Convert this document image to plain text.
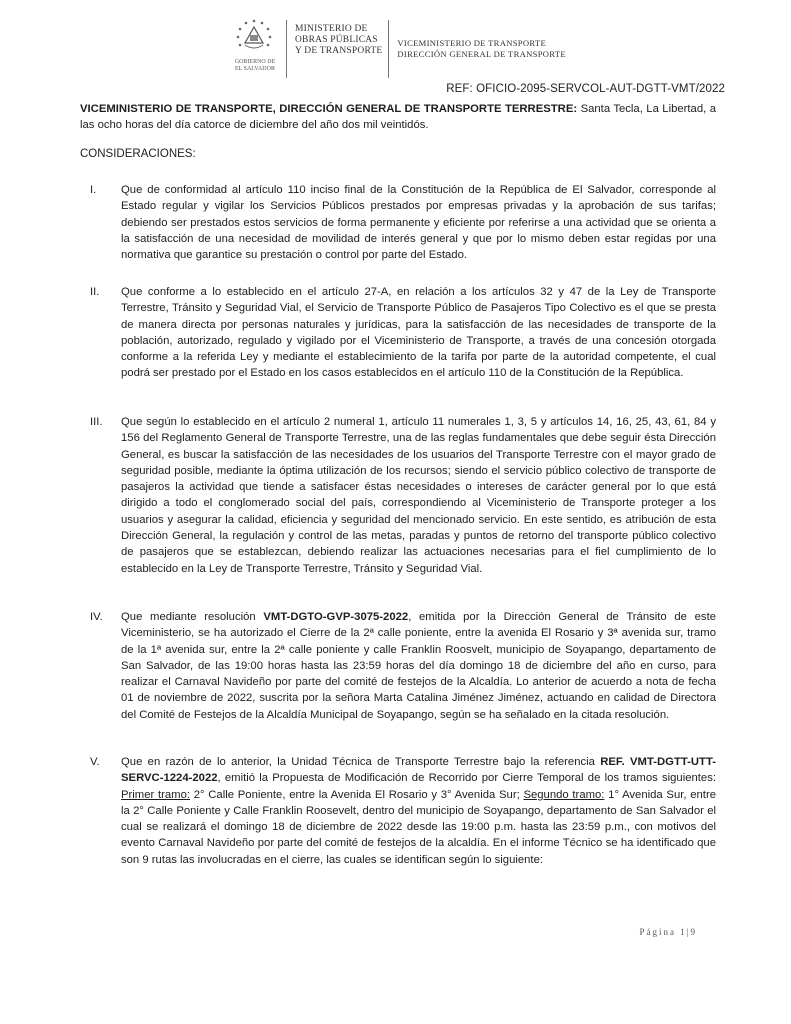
GOBIERNO DE
EL SALVADOR
MINISTERIO DE
OBRAS PÚBLICAS
Y DE TRANSPORTE
VICEMINISTERIO DE TRANSPORTE
DIRECCIÓN GENERAL DE TRANSPORTE
REF: OFICIO-2095-SERVCOL-AUT-DGTT-VMT/2022
VICEMINISTERIO DE TRANSPORTE, DIRECCIÓN GENERAL DE TRANSPORTE TERRESTRE: Santa Tecla, La Libertad, a las ocho horas del día catorce de diciembre del año dos mil veintidós.
CONSIDERACIONES:
I. Que de conformidad al artículo 110 inciso final de la Constitución de la República de El Salvador, corresponde al Estado regular y vigilar los Servicios Públicos prestados por empresas privadas y la aprobación de sus tarifas; debiendo ser prestados estos servicios de forma permanente y eficiente por referirse a una actividad que se orienta a la satisfacción de una necesidad de movilidad de interés general y que por lo mismo deben estar regidas por una normativa que garantice su prestación o control por parte del Estado.
II. Que conforme a lo establecido en el artículo 27-A, en relación a los artículos 32 y 47 de la Ley de Transporte Terrestre, Tránsito y Seguridad Vial, el Servicio de Transporte Público de Pasajeros Tipo Colectivo es el que se presta de manera directa por personas naturales y jurídicas, para la satisfacción de las necesidades de transporte de la población, autorizado, regulado y vigilado por el Viceministerio de Transporte, a través de una concesión otorgada conforme a la referida Ley y mediante el establecimiento de la tarifa por parte de la autoridad competente, el cual podrá ser prestado por el Estado en los casos establecidos en el artículo 110 de la Constitución de la República.
III. Que según lo establecido en el artículo 2 numeral 1, artículo 11 numerales 1, 3, 5 y artículos 14, 16, 25, 43, 61, 84 y 156 del Reglamento General de Transporte Terrestre, una de las reglas fundamentales que debe seguir ésta Dirección General, es buscar la satisfacción de las necesidades de los usuarios del Transporte Terrestre con el mayor grado de seguridad posible, mediante la óptima utilización de los recursos; siendo el servicio público colectivo de transporte de pasajeros la actividad que tiende a satisfacer éstas necesidades o intereses de carácter general por lo que está dirigido a todo el conglomerado social del país, correspondiendo al Viceministerio de Transporte proteger a los usuarios y asegurar la calidad, eficiencia y seguridad del mencionado servicio. En este sentido, es atribución de esta Dirección General, la regulación y control de las metas, paradas y puntos de retorno del transporte público colectivo de pasajeros que se establezcan, debiendo realizar las actuaciones necesarias para el fiel cumplimiento de lo establecido en la Ley de Transporte Terrestre, Tránsito y Seguridad Vial.
IV. Que mediante resolución VMT-DGTO-GVP-3075-2022, emitida por la Dirección General de Tránsito de este Viceministerio, se ha autorizado el Cierre de la 2ª calle poniente, entre la avenida El Rosario y 3ª avenida sur, tramo de la 1ª avenida sur, entre la 2ª calle poniente y calle Franklin Roosvelt, municipio de Soyapango, departamento de San Salvador, de las 19:00 horas hasta las 23:59 horas del día domingo 18 de diciembre del año en curso, para realizar el Carnaval Navideño por parte del comité de festejos de la Alcaldía. Lo anterior de acuerdo a nota de fecha 01 de noviembre de 2022, suscrita por la señora Marta Catalina Jiménez Jiménez, actuando en calidad de Directora del Comité de Festejos de la Alcaldía Municipal de Soyapango, según se ha señalado en la citada resolución.
V. Que en razón de lo anterior, la Unidad Técnica de Transporte Terrestre bajo la referencia REF. VMT-DGTT-UTT-SERVC-1224-2022, emitió la Propuesta de Modificación de Recorrido por Cierre Temporal de los tramos siguientes: Primer tramo: 2° Calle Poniente, entre la Avenida El Rosario y 3° Avenida Sur; Segundo tramo: 1° Avenida Sur, entre la 2° Calle Poniente y Calle Franklin Roosevelt, dentro del municipio de Soyapango, departamento de San Salvador el cual se realizará el domingo 18 de diciembre de 2022 desde las 19:00 p.m. hasta las 23:59 p.m., con motivos del evento Carnaval Navideño por parte del comité de festejos de la alcaldía. En el informe Técnico se ha identificado que son 9 rutas las involucradas en el cierre, las cuales se identifican según lo siguiente:
Página 1|9
